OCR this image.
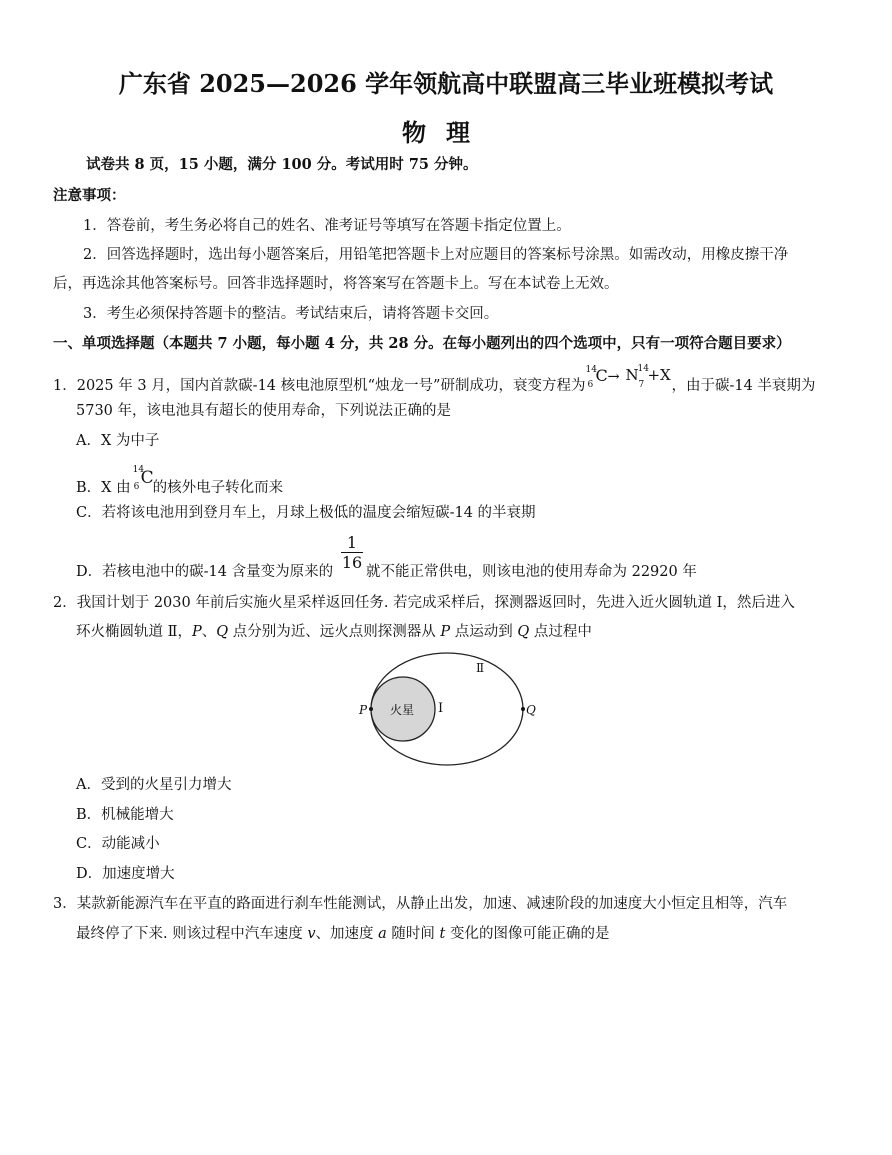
广东省 2025—2026 学年领航高中联盟高三毕业班模拟考试
物理
试卷共 8 页，15 小题，满分 100 分。考试用时 75 分钟。
注意事项：
1．答卷前，考生务必将自己的姓名、准考证号等填写在答题卡指定位置上。
2．回答选择题时，选出每小题答案后，用铅笔把答题卡上对应题目的答案标号涂黑。如需改动，用橡皮擦干净
后，再选涂其他答案标号。回答非选择题时，将答案写在答题卡上。写在本试卷上无效。
3．考生必须保持答题卡的整洁。考试结束后，请将答题卡交回。
一、单项选择题（本题共 7 小题，每小题 4 分，共 28 分。在每小题列出的四个选项中，只有一项符合题目要求）
1．2025 年 3 月，国内首款碳-14 核电池原型机“烛龙一号”研制成功，衰变方程为
14
6 C → N
14
7
+X
，由于碳-14 半衰期为
5730 年，该电池具有超长的使用寿命，下列说法正确的是
A．X 为中子
B．X 由
14
6 C
的核外电子转化而来
C．若将该电池用到登月车上，月球上极低的温度会缩短碳-14 的半衰期
D．若核电池中的碳-14 含量变为原来的
1
16 就不能正常供电，则该电池的使用寿命为 22920 年
2．我国计划于 2030 年前后实施火星采样返回任务. 若完成采样后，探测器返回时，先进入近火圆轨道 Ⅰ，然后进入
环火椭圆轨道 Ⅱ，P、Q 点分别为近、远火点则探测器从 P 点运动到 Q 点过程中
火星 Ⅰ
Ⅱ
P	Q
A．受到的火星引力增大
B．机械能增大
C．动能减小
D．加速度增大
3．某款新能源汽车在平直的路面进行刹车性能测试，从静止出发，加速、减速阶段的加速度大小恒定且相等，汽车
最终停了下来. 则该过程中汽车速度 v、加速度 a 随时间 t 变化的图像可能正确的是
